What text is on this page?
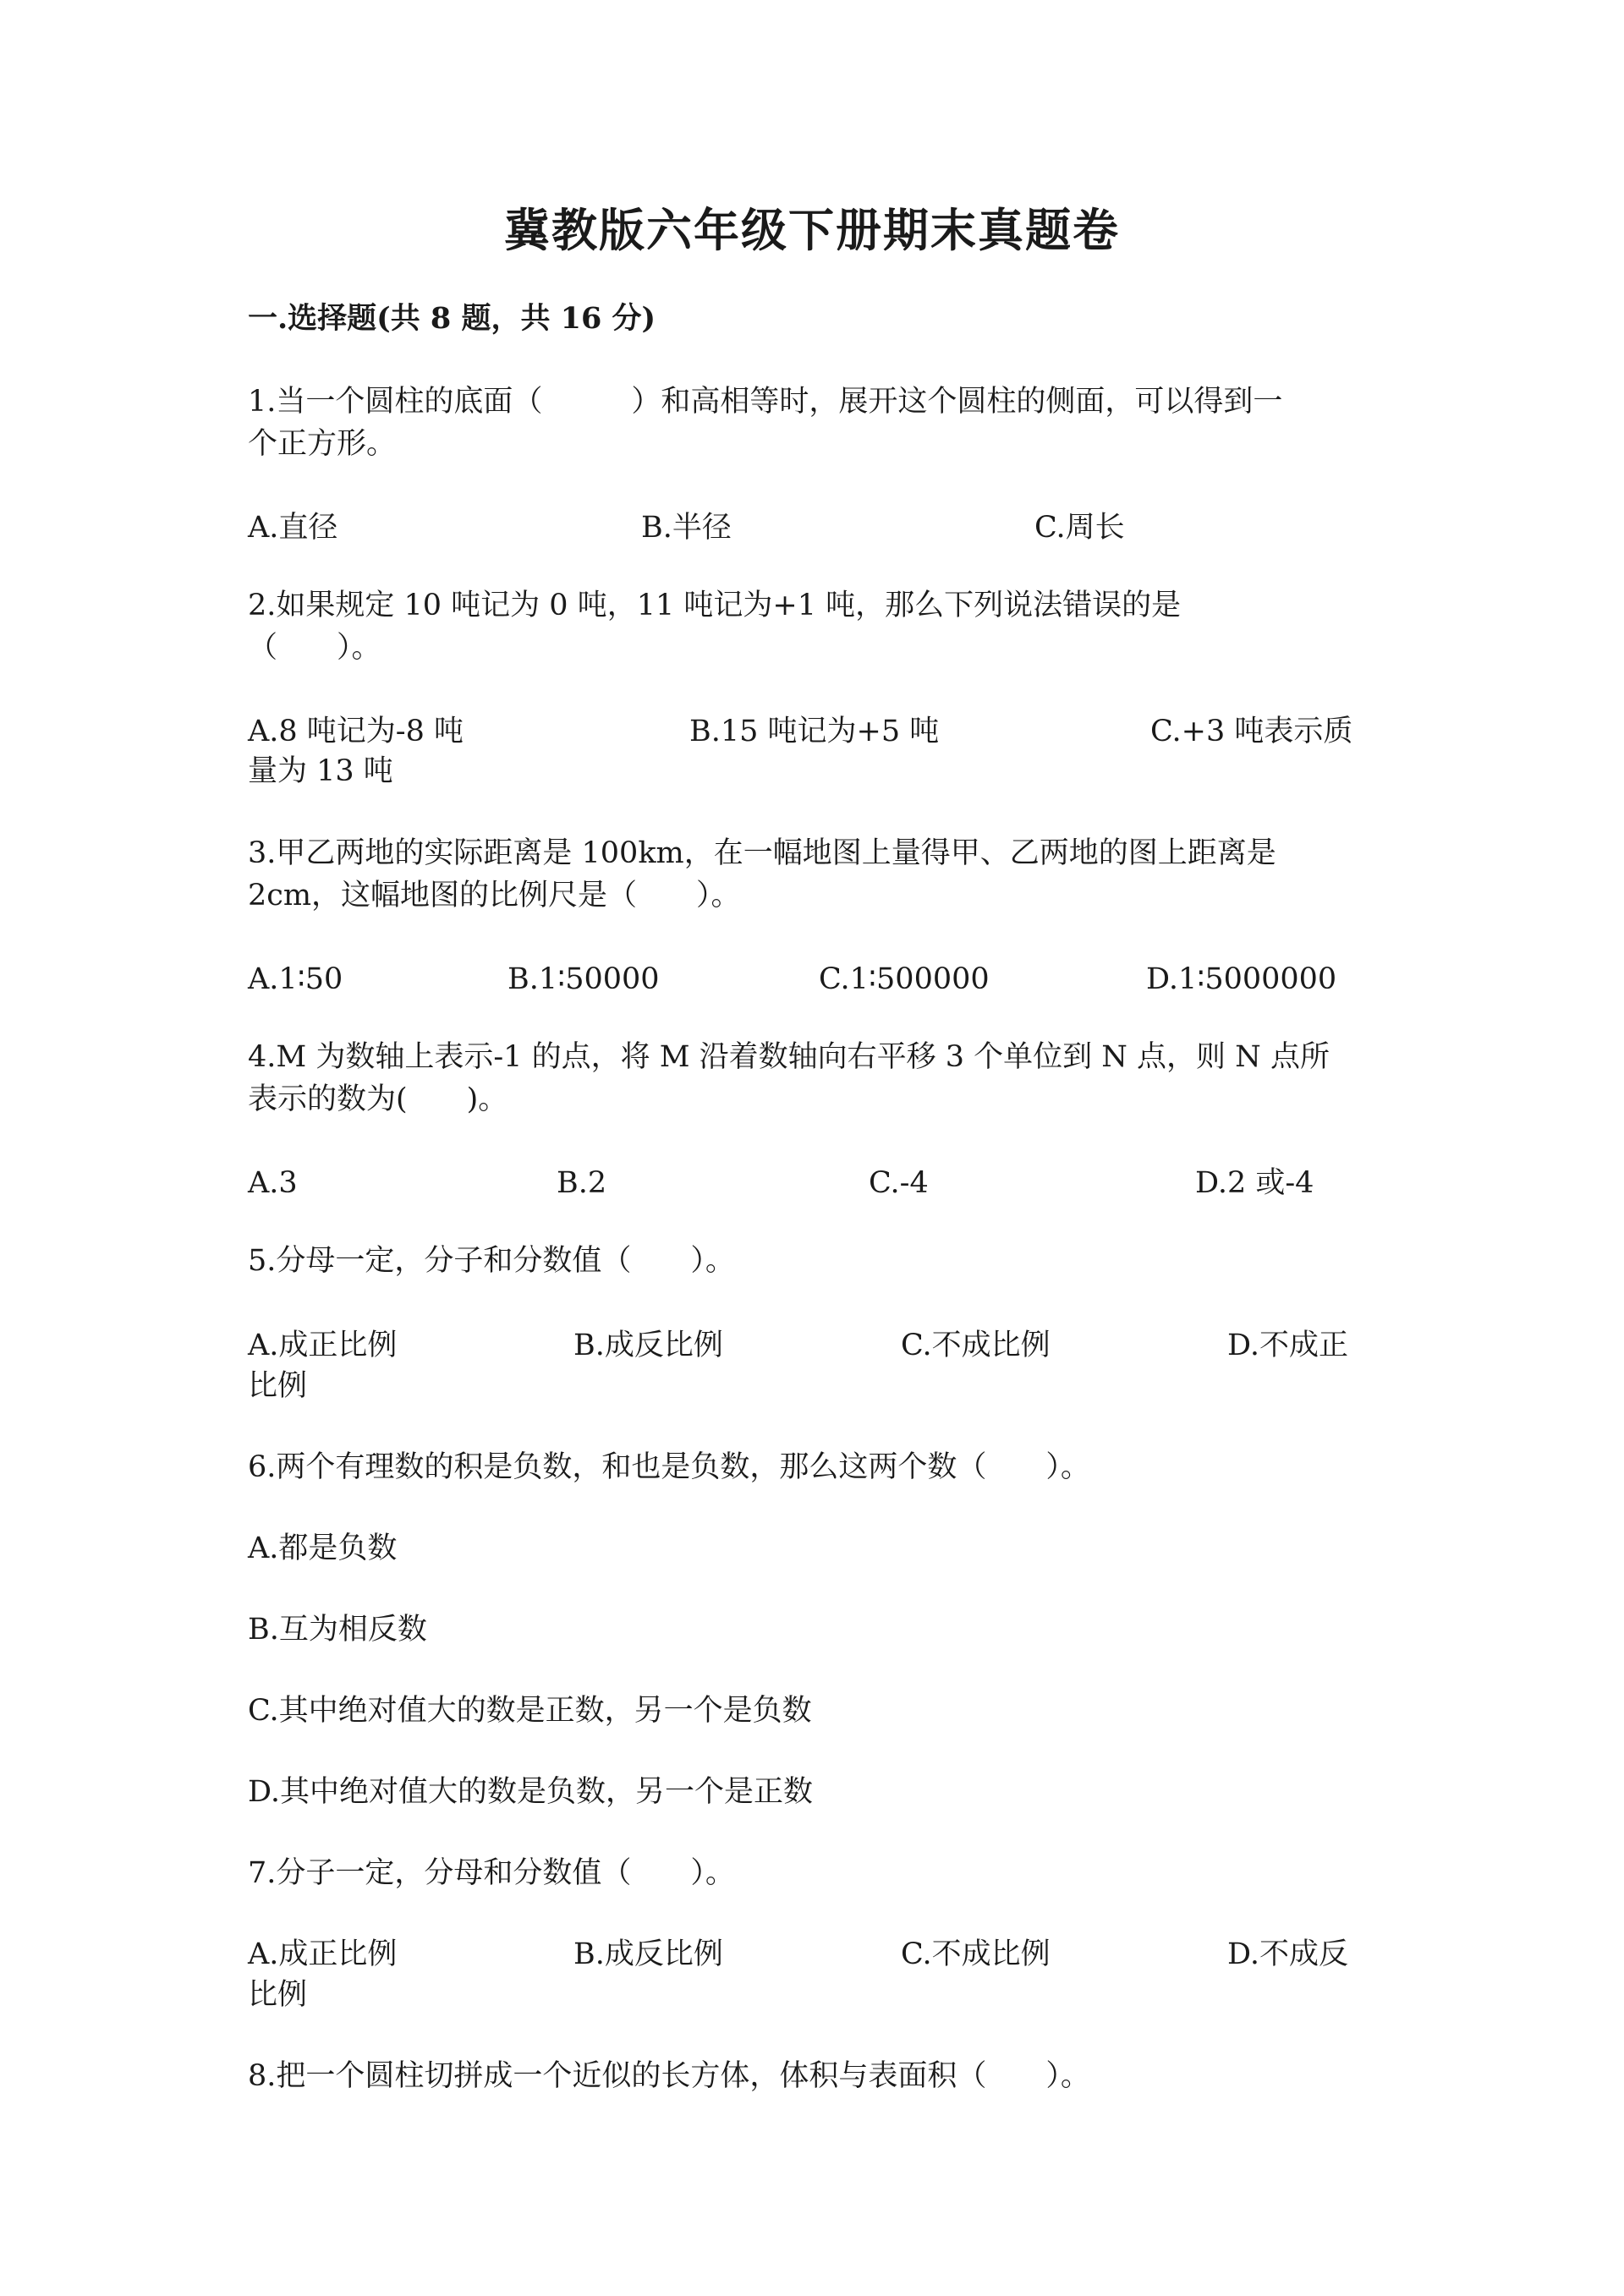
冀教版六年级下册期末真题卷
一.选择题(共 8 题，共 16 分)
1.当一个圆柱的底面（　　　）和高相等时，展开这个圆柱的侧面，可以得到一
个正方形。
A.直径	B.半径	C.周长
2.如果规定 10 吨记为 0 吨，11 吨记为+1 吨，那么下列说法错误的是
（　　）。
A.8 吨记为-8 吨	B.15 吨记为+5 吨	C.+3 吨表示质
量为 13 吨
3.甲乙两地的实际距离是 100km，在一幅地图上量得甲、乙两地的图上距离是
2cm，这幅地图的比例尺是（　　）。
A.1∶50	B.1∶50000	C.1∶500000	D.1∶5000000
4.M 为数轴上表示-1 的点，将 M 沿着数轴向右平移 3 个单位到 N 点，则 N 点所
表示的数为(　　)。
A.3	B.2	C.-4	D.2 或-4
5.分母一定，分子和分数值（　　）。
A.成正比例	B.成反比例	C.不成比例	D.不成正
比例
6.两个有理数的积是负数，和也是负数，那么这两个数（　　）。
A.都是负数
B.互为相反数
C.其中绝对值大的数是正数，另一个是负数
D.其中绝对值大的数是负数，另一个是正数
7.分子一定，分母和分数值（　　）。
A.成正比例	B.成反比例	C.不成比例	D.不成反
比例
8.把一个圆柱切拼成一个近似的长方体，体积与表面积（　　）。
